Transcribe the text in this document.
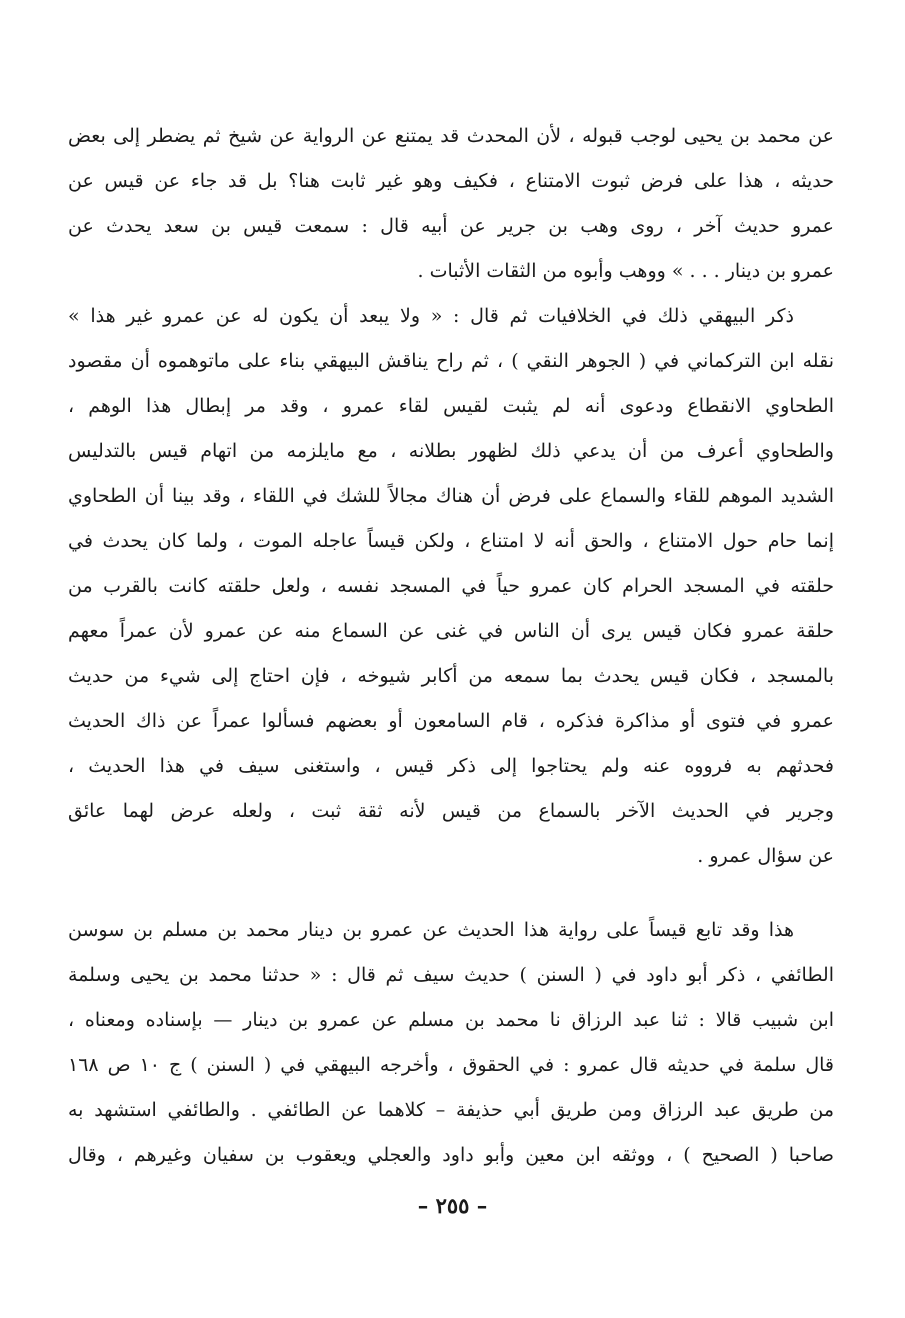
عن محمد بن يحيى لوجب قبوله ، لأن المحدث قد يمتنع عن الرواية عن شيخ ثم يضطر إلى بعض
حديثه ، هذا على فرض ثبوت الامتناع ، فكيف وهو غير ثابت هنا؟ بل قد جاء عن قيس عن
عمرو حديث آخر ، روى وهب بن جرير عن أبيه قال : سمعت قيس بن سعد يحدث عن
عمرو بن دينار . . . » ووهب وأبوه من الثقات الأثبات .
ذكر البيهقي ذلك في الخلافيات ثم قال : « ولا يبعد أن يكون له عن عمرو غير هذا »
نقله ابن التركماني في ( الجوهر النقي ) ، ثم راح يناقش البيهقي بناء على ماتوهموه أن مقصود
الطحاوي الانقطاع ودعوى أنه لم يثبت لقيس لقاء عمرو ، وقد مر إبطال هذا الوهم ،
والطحاوي أعرف من أن يدعي ذلك لظهور بطلانه ، مع مايلزمه من اتهام قيس بالتدليس
الشديد الموهم للقاء والسماع على فرض أن هناك مجالاً للشك في اللقاء ، وقد بينا أن الطحاوي
إنما حام حول الامتناع ، والحق أنه لا امتناع ، ولكن قيساً عاجله الموت ، ولما كان يحدث في
حلقته في المسجد الحرام كان عمرو حياً في المسجد نفسه ، ولعل حلقته كانت بالقرب من
حلقة عمرو فكان قيس يرى أن الناس في غنى عن السماع منه عن عمرو لأن عمراً معهم
بالمسجد ، فكان قيس يحدث بما سمعه من أكابر شيوخه ، فإن احتاج إلى شيء من حديث
عمرو في فتوى أو مذاكرة فذكره ، قام السامعون أو بعضهم فسألوا عمراً عن ذاك الحديث
فحدثهم به فرووه عنه ولم يحتاجوا إلى ذكر قيس ، واستغنى سيف في هذا الحديث ،
وجرير في الحديث الآخر بالسماع من قيس لأنه ثقة ثبت ، ولعله عرض لهما عائق
عن سؤال عمرو .
هذا وقد تابع قيساً على رواية هذا الحديث عن عمرو بن دينار محمد بن مسلم بن سوسن
الطائفي ، ذكر أبو داود في ( السنن ) حديث سيف ثم قال : « حدثنا محمد بن يحيى وسلمة
ابن شبيب قالا : ثنا عبد الرزاق نا محمد بن مسلم عن عمرو بن دينار — بإسناده ومعناه ،
قال سلمة في حديثه قال عمرو : في الحقوق ، وأخرجه البيهقي في ( السنن ) ج ١٠ ص ١٦٨
من طريق عبد الرزاق ومن طريق أبي حذيفة – كلاهما عن الطائفي . والطائفي استشهد به
صاحبا ( الصحيح ) ، ووثقه ابن معين وأبو داود والعجلي ويعقوب بن سفيان وغيرهم ، وقال
– ٢٥٥ –
